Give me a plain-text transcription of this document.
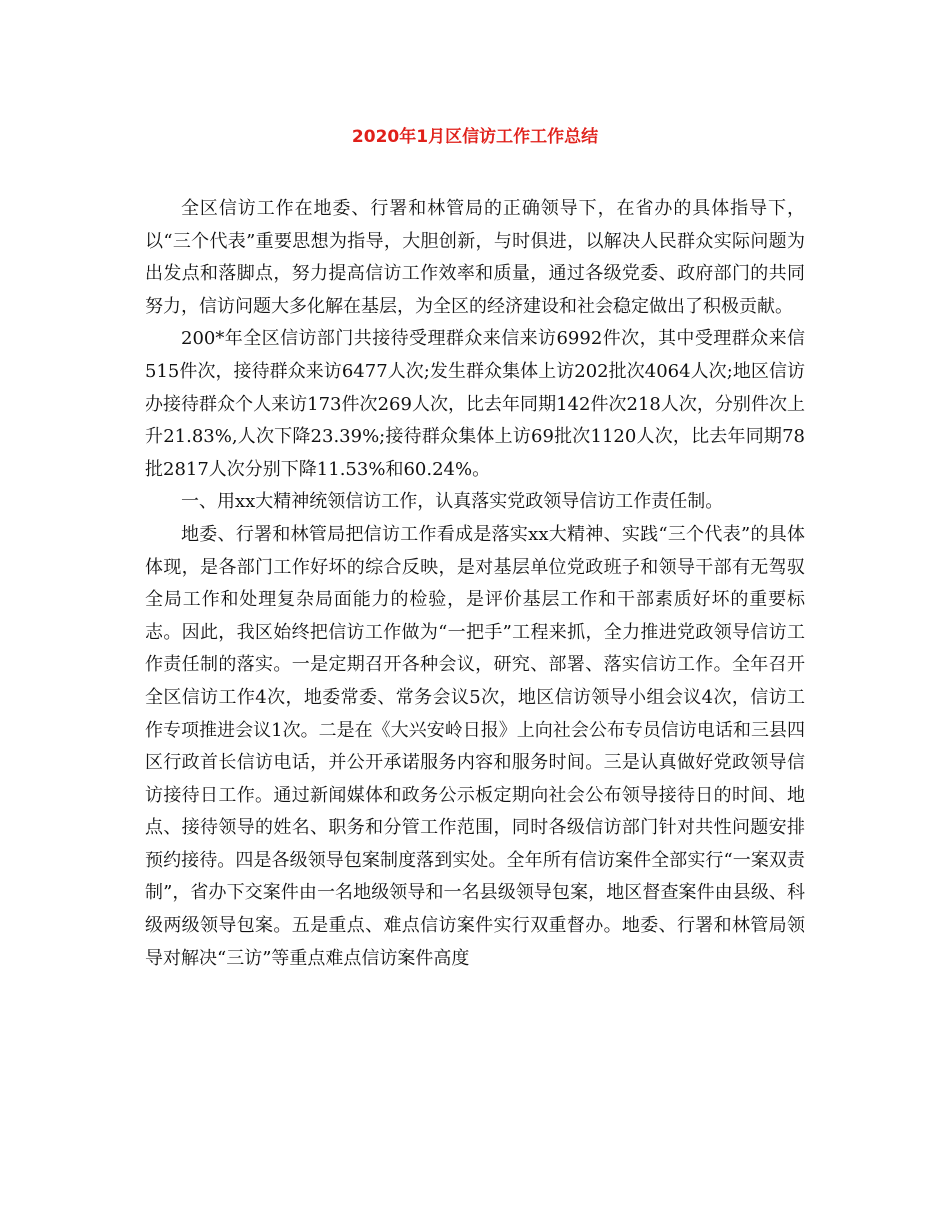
2020年1月区信访工作工作总结

全区信访工作在地委、行署和林管局的正确领导下，在省办的具体指导下，以“三个代表”重要思想为指导，大胆创新，与时俱进，以解决人民群众实际问题为出发点和落脚点，努力提高信访工作效率和质量，通过各级党委、政府部门的共同努力，信访问题大多化解在基层，为全区的经济建设和社会稳定做出了积极贡献。

200*年全区信访部门共接待受理群众来信来访6992件次，其中受理群众来信515件次，接待群众来访6477人次;发生群众集体上访202批次4064人次;地区信访办接待群众个人来访173件次269人次，比去年同期142件次218人次，分别件次上升21.83%,人次下降23.39%;接待群众集体上访69批次1120人次，比去年同期78批2817人次分别下降11.53%和60.24%。

一、用xx大精神统领信访工作，认真落实党政领导信访工作责任制。

地委、行署和林管局把信访工作看成是落实xx大精神、实践“三个代表”的具体体现，是各部门工作好坏的综合反映，是对基层单位党政班子和领导干部有无驾驭全局工作和处理复杂局面能力的检验，是评价基层工作和干部素质好坏的重要标志。因此，我区始终把信访工作做为“一把手”工程来抓，全力推进党政领导信访工作责任制的落实。一是定期召开各种会议，研究、部署、落实信访工作。全年召开全区信访工作4次，地委常委、常务会议5次，地区信访领导小组会议4次，信访工作专项推进会议1次。二是在《大兴安岭日报》上向社会公布专员信访电话和三县四区行政首长信访电话，并公开承诺服务内容和服务时间。三是认真做好党政领导信访接待日工作。通过新闻媒体和政务公示板定期向社会公布领导接待日的时间、地点、接待领导的姓名、职务和分管工作范围，同时各级信访部门针对共性问题安排预约接待。四是各级领导包案制度落到实处。全年所有信访案件全部实行“一案双责制”，省办下交案件由一名地级领导和一名县级领导包案，地区督查案件由县级、科级两级领导包案。五是重点、难点信访案件实行双重督办。地委、行署和林管局领导对解决“三访”等重点难点信访案件高度
